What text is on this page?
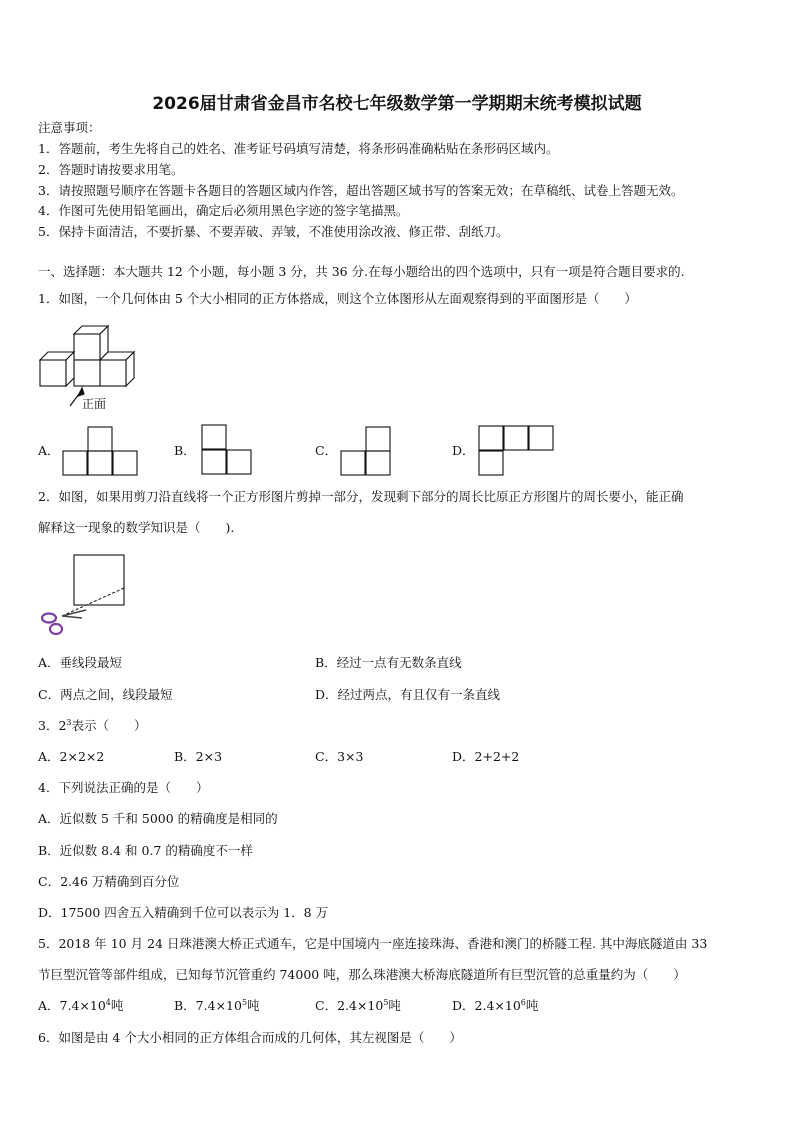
2026届甘肃省金昌市名校七年级数学第一学期期末统考模拟试题
注意事项：
1．答题前，考生先将自己的姓名、准考证号码填写清楚，将条形码准确粘贴在条形码区域内。
2．答题时请按要求用笔。
3．请按照题号顺序在答题卡各题目的答题区域内作答，超出答题区域书写的答案无效；在草稿纸、试卷上答题无效。
4．作图可先使用铅笔画出，确定后必须用黑色字迹的签字笔描黑。
5．保持卡面清洁，不要折暴、不要弄破、弄皱，不准使用涂改液、修正带、刮纸刀。
一、选择题：本大题共 12 个小题，每小题 3 分，共 36 分.在每小题给出的四个选项中，只有一项是符合题目要求的.
1．如图，一个几何体由 5 个大小相同的正方体搭成，则这个立体图形从左面观察得到的平面图形是（　　）
正面
A．	B．	C．	D．
2．如图，如果用剪刀沿直线将一个正方形图片剪掉一部分，发现剩下部分的周长比原正方形图片的周长要小，能正确
解释这一现象的数学知识是（　　).
A．垂线段最短	B．经过一点有无数条直线
C．两点之间，线段最短	D．经过两点，有且仅有一条直线
3．$2^3$表示（　　）
A．2×2×2	B．2×3	C．3×3	D．2+2+2
4．下列说法正确的是（　　）
A．近似数 5 千和 5000 的精确度是相同的
B．近似数 8.4 和 0.7 的精确度不一样
C．2.46 万精确到百分位
D．17500 四舍五入精确到千位可以表示为 1．8 万
5．2018 年 10 月 24 日珠港澳大桥正式通车，它是中国境内一座连接珠海、香港和澳门的桥隧工程. 其中海底隧道由 33
节巨型沉管等部件组成，已知每节沉管重约 74000 吨，那么珠港澳大桥海底隧道所有巨型沉管的总重量约为（　　）
A．$7.4\times 10^4$吨	B．$7.4\times 10^5$吨	C．$2.4\times 10^5$吨	D．$2.4\times 10^6$吨
6．如图是由 4 个大小相同的正方体组合而成的几何体，其左视图是（　　）
